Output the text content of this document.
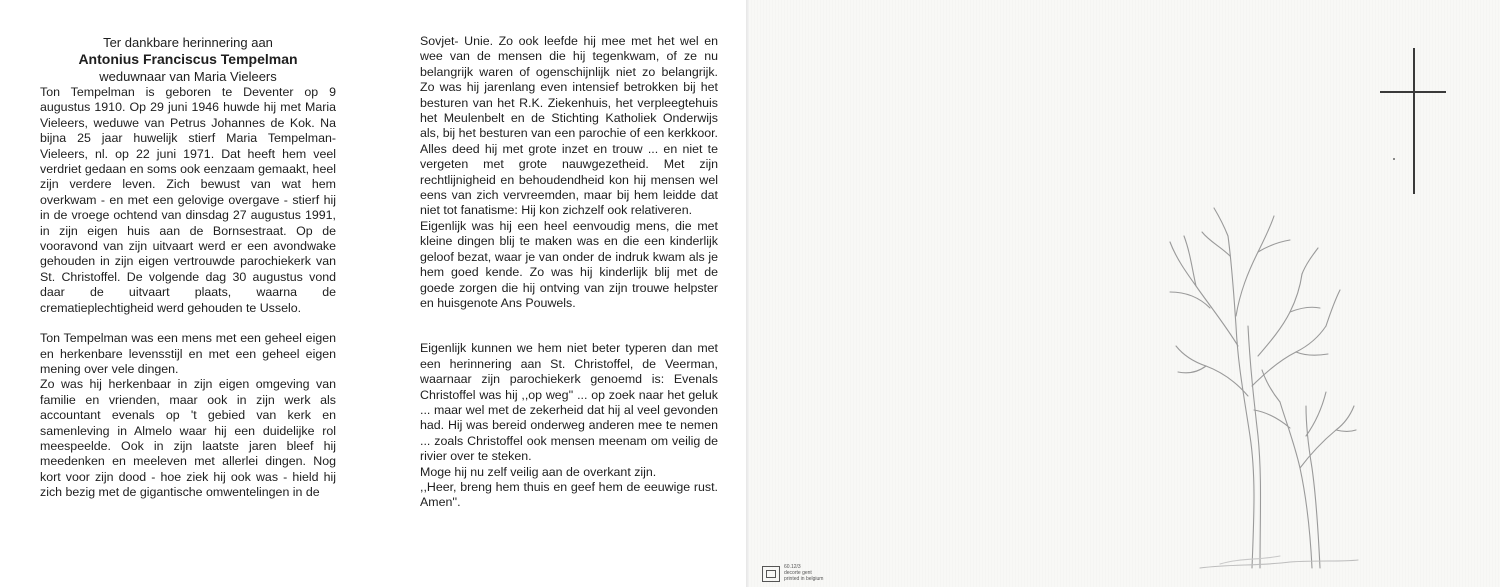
Ter dankbare herinnering aan

Antonius Franciscus Tempelman

weduwnaar van Maria Vieleers

Ton Tempelman is geboren te Deventer op 9 augustus 1910. Op 29 juni 1946 huwde hij met Maria Vieleers, weduwe van Petrus Johannes de Kok. Na bijna 25 jaar huwelijk stierf Maria Tempelman-Vieleers, nl. op 22 juni 1971. Dat heeft hem veel verdriet gedaan en soms ook eenzaam gemaakt, heel zijn verdere leven. Zich bewust van wat hem overkwam - en met een gelovige overgave - stierf hij in de vroege ochtend van dinsdag 27 augustus 1991, in zijn eigen huis aan de Bornsestraat. Op de vooravond van zijn uitvaart werd er een avondwake gehouden in zijn eigen vertrouwde parochiekerk van St. Christoffel. De volgende dag 30 augustus vond daar de uitvaart plaats, waarna de crematieplechtigheid werd gehouden te Usselo.

Ton Tempelman was een mens met een geheel eigen en herkenbare levensstijl en met een geheel eigen mening over vele dingen.

Zo was hij herkenbaar in zijn eigen omgeving van familie en vrienden, maar ook in zijn werk als accountant evenals op 't gebied van kerk en samenleving in Almelo waar hij een duidelijke rol meespeelde. Ook in zijn laatste jaren bleef hij meedenken en meeleven met allerlei dingen. Nog kort voor zijn dood - hoe ziek hij ook was - hield hij zich bezig met de gigantische omwentelingen in de

Sovjet- Unie. Zo ook leefde hij mee met het wel en wee van de mensen die hij tegenkwam, of ze nu belangrijk waren of ogenschijnlijk niet zo belangrijk. Zo was hij jarenlang even intensief betrokken bij het besturen van het R.K. Ziekenhuis, het verpleegtehuis het Meulenbelt en de Stichting Katholiek Onderwijs als, bij het besturen van een parochie of een kerkkoor. Alles deed hij met grote inzet en trouw ... en niet te vergeten met grote nauwgezetheid. Met zijn rechtlijnigheid en behoudendheid kon hij mensen wel eens van zich vervreemden, maar bij hem leidde dat niet tot fanatisme: Hij kon zichzelf ook relativeren.

Eigenlijk was hij een heel eenvoudig mens, die met kleine dingen blij te maken was en die een kinderlijk geloof bezat, waar je van onder de indruk kwam als je hem goed kende. Zo was hij kinderlijk blij met de goede zorgen die hij ontving van zijn trouwe helpster en huisgenote Ans Pouwels.

Eigenlijk kunnen we hem niet beter typeren dan met een herinnering aan St. Christoffel, de Veerman, waarnaar zijn parochiekerk genoemd is: Evenals Christoffel was hij ,,op weg'' ... op zoek naar het geluk ... maar wel met de zekerheid dat hij al veel gevonden had. Hij was bereid onderweg anderen mee te nemen ... zoals Christoffel ook mensen meenam om veilig de rivier over te steken.

Moge hij nu zelf veilig aan de overkant zijn.

,,Heer, breng hem thuis en geef hem de eeuwige rust. Amen''.

60.12/3
decorte gent
printed in belgium
